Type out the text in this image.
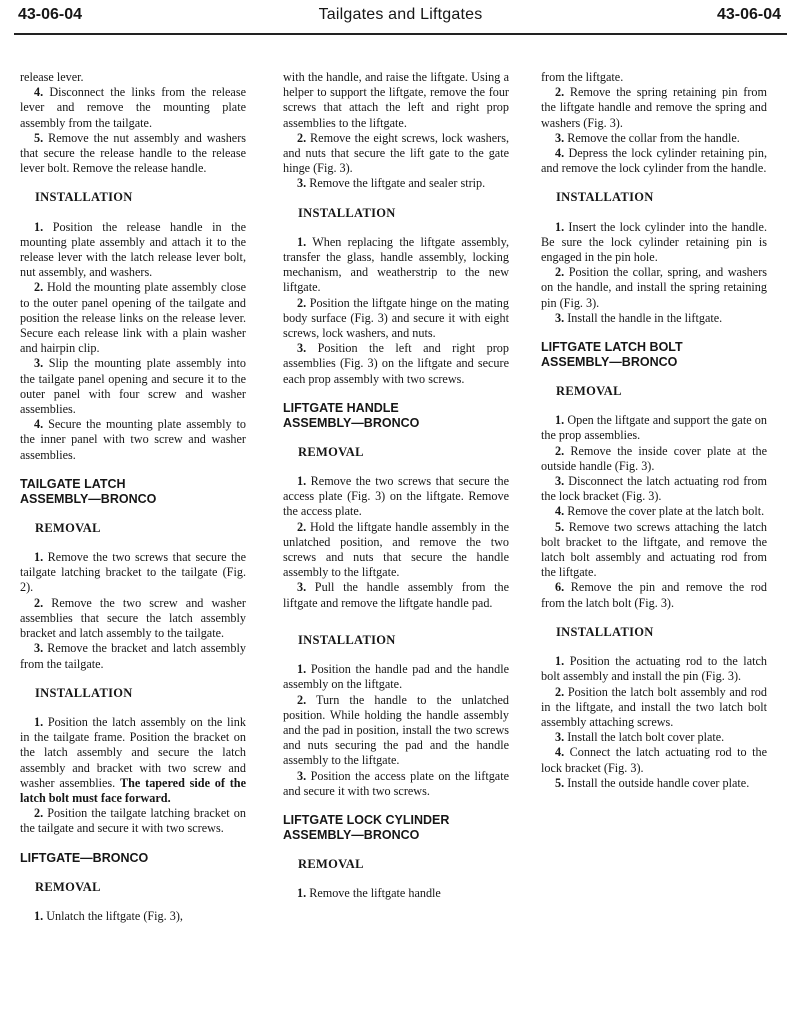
43-06-04	Tailgates and Liftgates	43-06-04

release lever.

4. Disconnect the links from the release lever and remove the mounting plate assembly from the tailgate.

5. Remove the nut assembly and washers that secure the release handle to the release lever bolt. Remove the release handle.

INSTALLATION

1. Position the release handle in the mounting plate assembly and attach it to the release lever with the latch release lever bolt, nut assembly, and washers.

2. Hold the mounting plate assembly close to the outer panel opening of the tailgate and position the release links on the release lever. Secure each release link with a plain washer and hairpin clip.

3. Slip the mounting plate assembly into the tailgate panel opening and secure it to the outer panel with four screw and washer assemblies.

4. Secure the mounting plate assembly to the inner panel with two screw and washer assemblies.

TAILGATE LATCH
ASSEMBLY—BRONCO
REMOVAL

1. Remove the two screws that secure the tailgate latching bracket to the tailgate (Fig. 2).

2. Remove the two screw and washer assemblies that secure the latch assembly bracket and latch assembly to the tailgate.

3. Remove the bracket and latch assembly from the tailgate.

INSTALLATION

1. Position the latch assembly on the link in the tailgate frame. Position the bracket on the latch assembly and secure the latch assembly and bracket with two screw and washer assemblies. The tapered side of the latch bolt must face forward.

2. Position the tailgate latching bracket on the tailgate and secure it with two screws.

LIFTGATE—BRONCO
REMOVAL

1. Unlatch the liftgate (Fig. 3),

with the handle, and raise the liftgate. Using a helper to support the liftgate, remove the four screws that attach the left and right prop assemblies to the liftgate.

2. Remove the eight screws, lock washers, and nuts that secure the lift gate to the gate hinge (Fig. 3).

3. Remove the liftgate and sealer strip.

INSTALLATION

1. When replacing the liftgate assembly, transfer the glass, handle assembly, locking mechanism, and weatherstrip to the new liftgate.

2. Position the liftgate hinge on the mating body surface (Fig. 3) and secure it with eight screws, lock washers, and nuts.

3. Position the left and right prop assemblies (Fig. 3) on the liftgate and secure each prop assembly with two screws.

LIFTGATE HANDLE
ASSEMBLY—BRONCO
REMOVAL

1. Remove the two screws that secure the access plate (Fig. 3) on the liftgate. Remove the access plate.

2. Hold the liftgate handle assembly in the unlatched position, and remove the two screws and nuts that secure the handle assembly to the liftgate.

3. Pull the handle assembly from the liftgate and remove the liftgate handle pad.

INSTALLATION

1. Position the handle pad and the handle assembly on the liftgate.

2. Turn the handle to the unlatched position. While holding the handle assembly and the pad in position, install the two screws and nuts securing the pad and the handle assembly to the liftgate.

3. Position the access plate on the liftgate and secure it with two screws.

LIFTGATE LOCK CYLINDER
ASSEMBLY—BRONCO
REMOVAL

1. Remove the liftgate handle

from the liftgate.

2. Remove the spring retaining pin from the liftgate handle and remove the spring and washers (Fig. 3).

3. Remove the collar from the handle.

4. Depress the lock cylinder retaining pin, and remove the lock cylinder from the handle.

INSTALLATION

1. Insert the lock cylinder into the handle. Be sure the lock cylinder retaining pin is engaged in the pin hole.

2. Position the collar, spring, and washers on the handle, and install the spring retaining pin (Fig. 3).

3. Install the handle in the liftgate.

LIFTGATE LATCH BOLT
ASSEMBLY—BRONCO
REMOVAL

1. Open the liftgate and support the gate on the prop assemblies.

2. Remove the inside cover plate at the outside handle (Fig. 3).

3. Disconnect the latch actuating rod from the lock bracket (Fig. 3).

4. Remove the cover plate at the latch bolt.

5. Remove two screws attaching the latch bolt bracket to the liftgate, and remove the latch bolt assembly and actuating rod from the liftgate.

6. Remove the pin and remove the rod from the latch bolt (Fig. 3).

INSTALLATION

1. Position the actuating rod to the latch bolt assembly and install the pin (Fig. 3).

2. Position the latch bolt assembly and rod in the liftgate, and install the two latch bolt assembly attaching screws.

3. Install the latch bolt cover plate.

4. Connect the latch actuating rod to the lock bracket (Fig. 3).

5. Install the outside handle cover plate.
